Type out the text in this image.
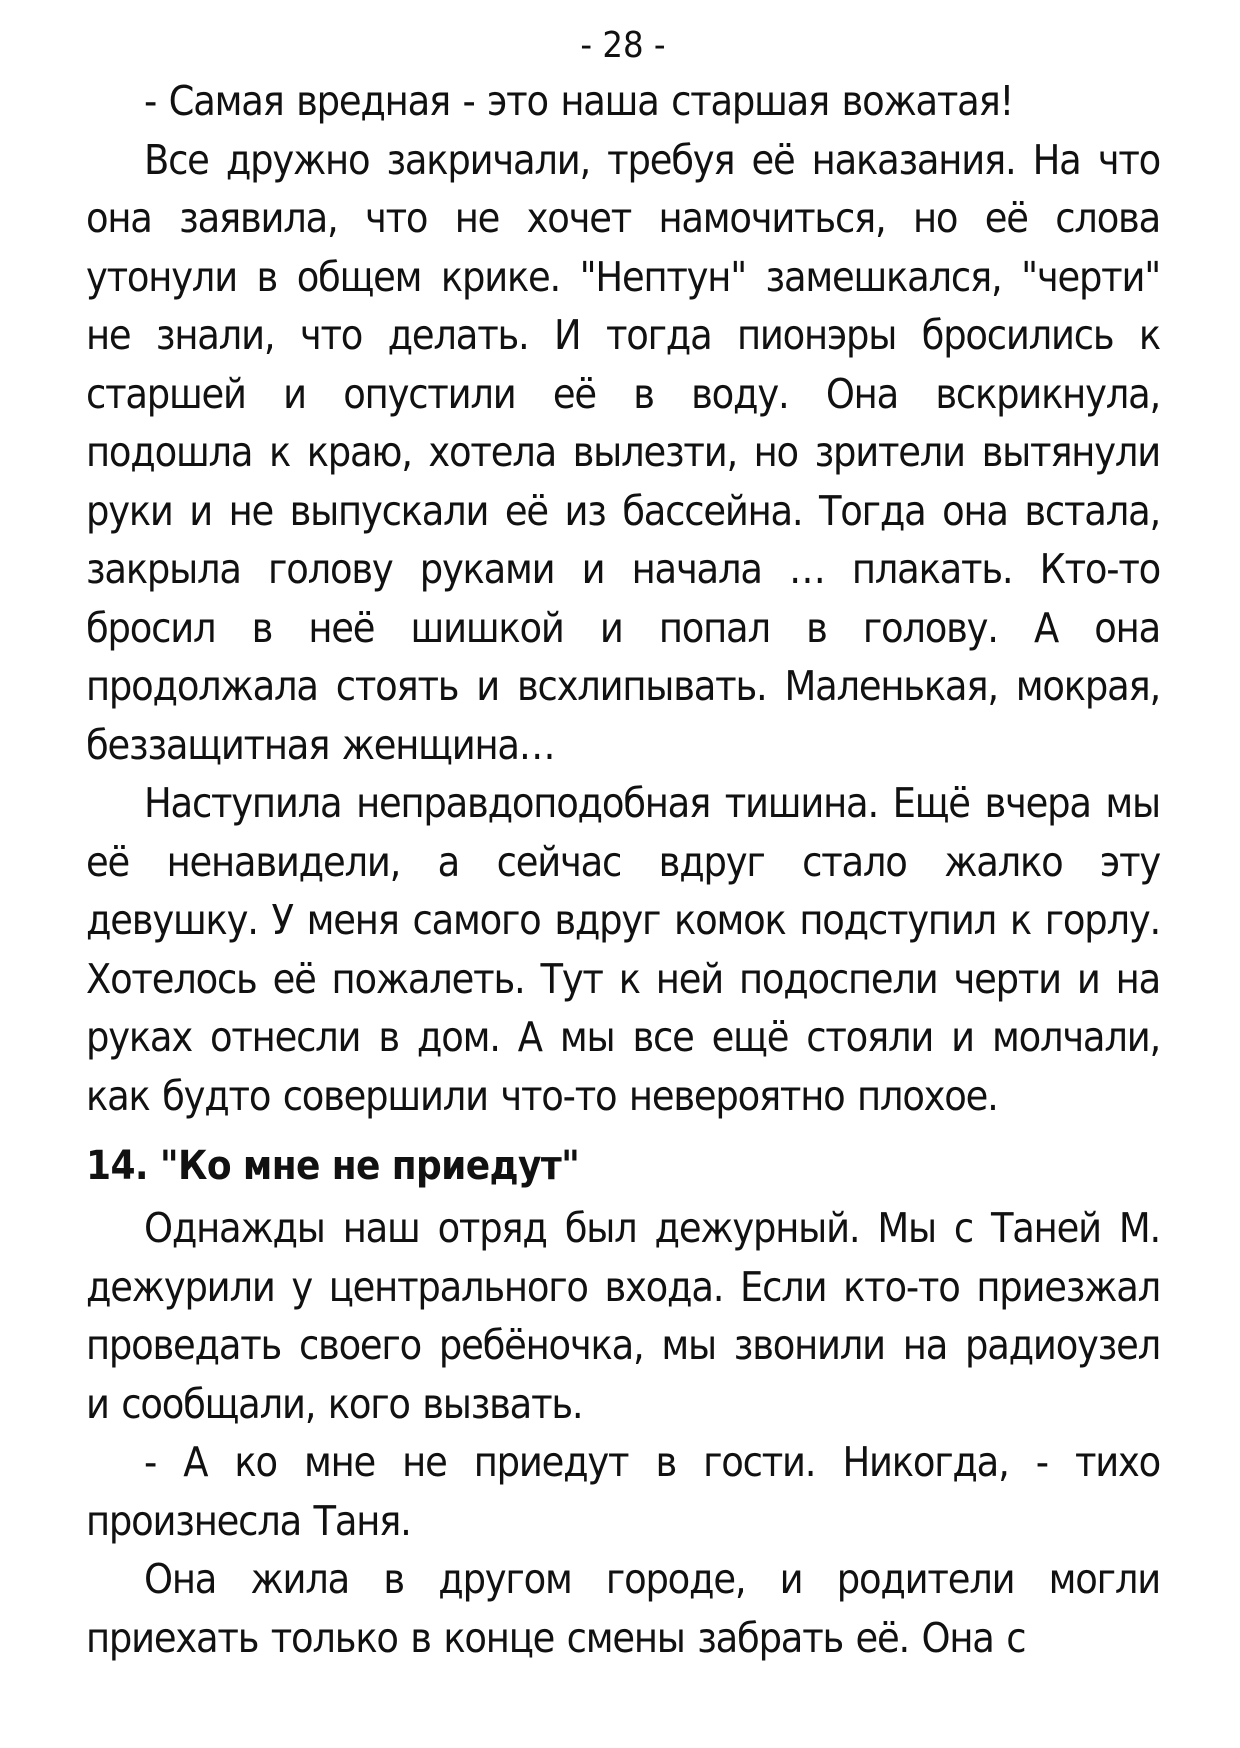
- 28 -

- Самая вредная - это наша старшая вожатая!

Все дружно закричали, требуя её наказания. На что она заявила, что не хочет намочиться, но её слова утонули в общем крике. "Нептун" замешкался, "черти" не знали, что делать. И тогда пионэры бросились к старшей и опустили её в воду. Она вскрикнула, подошла к краю, хотела вылезти, но зрители вытянули руки и не выпускали её из бассейна. Тогда она встала, закрыла голову руками и начала … плакать. Кто-то бросил в неё шишкой и попал в голову. А она продолжала стоять и всхлипывать. Маленькая, мокрая, беззащитная женщина…

Наступила неправдоподобная тишина. Ещё вчера мы её ненавидели, а сейчас вдруг стало жалко эту девушку. У меня самого вдруг комок подступил к горлу. Хотелось её пожалеть. Тут к ней подоспели черти и на руках отнесли в дом. А мы все ещё стояли и молчали, как будто совершили что-то невероятно плохое.

14. "Ко мне не приедут"

Однажды наш отряд был дежурный. Мы с Таней М. дежурили у центрального входа. Если кто-то приезжал проведать своего ребёночка, мы звонили на радиоузел и сообщали, кого вызвать.

- А ко мне не приедут в гости. Никогда, - тихо произнесла Таня.

Она жила в другом городе, и родители могли приехать только в конце смены забрать её. Она с
